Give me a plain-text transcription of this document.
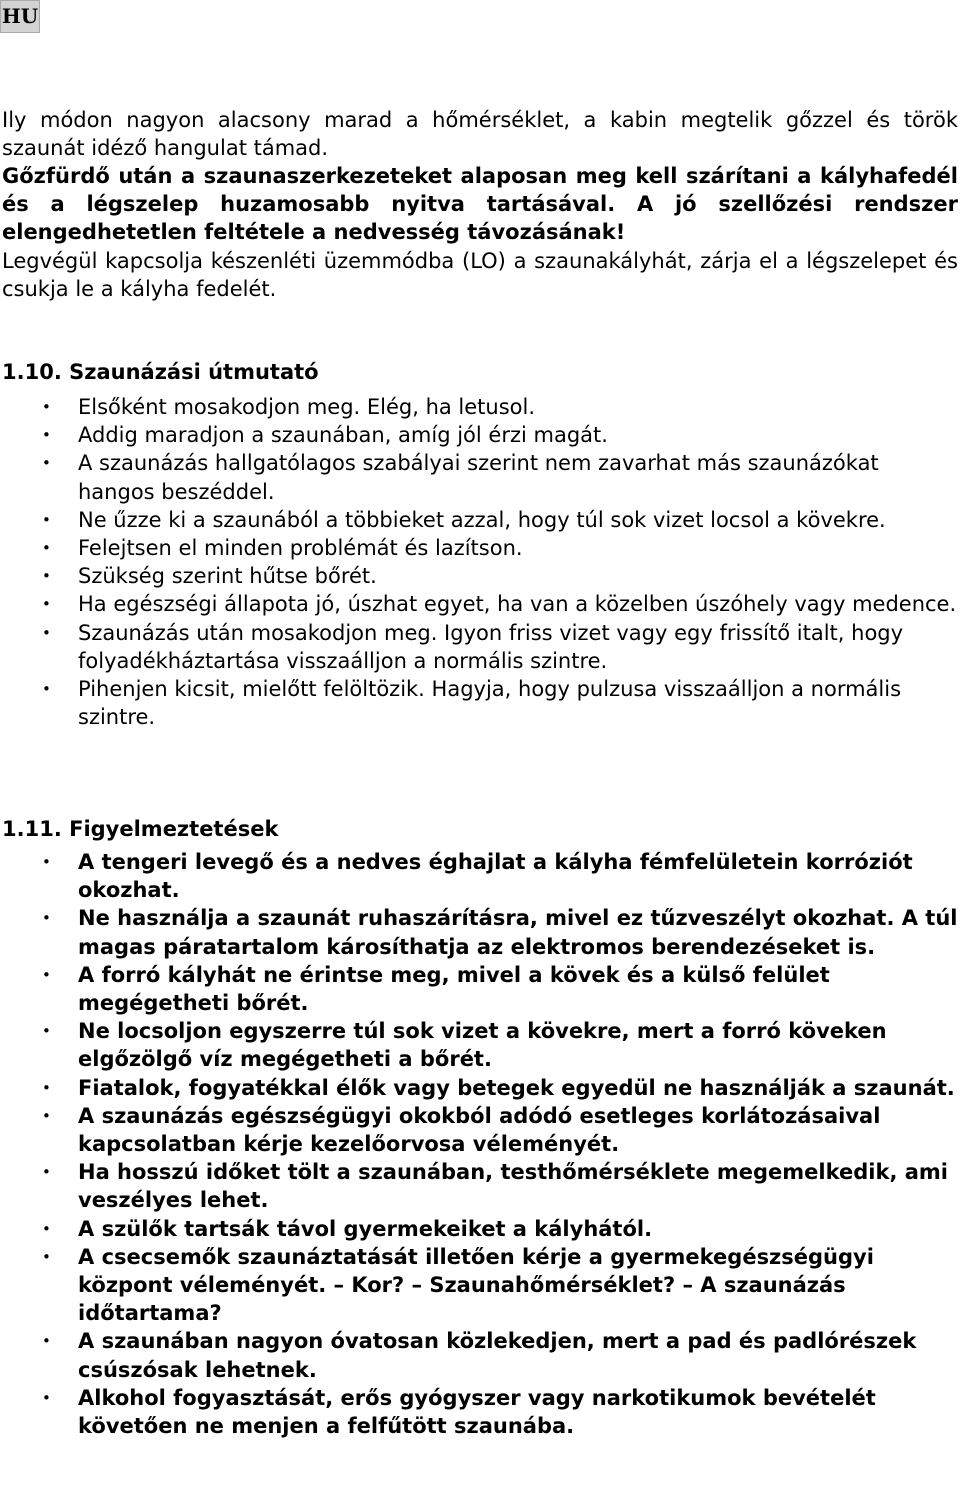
HU

Ily módon nagyon alacsony marad a hőmérséklet, a kabin megtelik gőzzel és török szaunát idéző hangulat támad.

Gőzfürdő után a szaunaszerkezeteket alaposan meg kell szárítani a kályhafedél és a légszelep huzamosabb nyitva tartásával. A jó szellőzési rendszer elengedhetetlen feltétele a nedvesség távozásának!

Legvégül kapcsolja készenléti üzemmódba (LO) a szaunakályhát, zárja el a légszelepet és csukja le a kályha fedelét.

1.10. Szaunázási útmutató
• Elsőként mosakodjon meg. Elég, ha letusol.
• Addig maradjon a szaunában, amíg jól érzi magát.
• A szaunázás hallgatólagos szabályai szerint nem zavarhat más szaunázókat hangos beszéddel.
• Ne űzze ki a szaunából a többieket azzal, hogy túl sok vizet locsol a kövekre.
• Felejtsen el minden problémát és lazítson.
• Szükség szerint hűtse bőrét.
• Ha egészségi állapota jó, úszhat egyet, ha van a közelben úszóhely vagy medence.
• Szaunázás után mosakodjon meg. Igyon friss vizet vagy egy frissítő italt, hogy folyadékháztartása visszaálljon a normális szintre.
• Pihenjen kicsit, mielőtt felöltözik. Hagyja, hogy pulzusa visszaálljon a normális szintre.
1.11. Figyelmeztetések
• A tengeri levegő és a nedves éghajlat a kályha fémfelületein korróziót okozhat.
• Ne használja a szaunát ruhaszárításra, mivel ez tűzveszélyt okozhat. A túl magas páratartalom károsíthatja az elektromos berendezéseket is.
• A forró kályhát ne érintse meg, mivel a kövek és a külső felület megégetheti bőrét.
• Ne locsoljon egyszerre túl sok vizet a kövekre, mert a forró köveken elgőzölgő víz megégetheti a bőrét.
• Fiatalok, fogyatékkal élők vagy betegek egyedül ne használják a szaunát.
• A szaunázás egészségügyi okokból adódó esetleges korlátozásaival kapcsolatban kérje kezelőorvosa véleményét.
• Ha hosszú időket tölt a szaunában, testhőmérséklete megemelkedik, ami veszélyes lehet.
• A szülők tartsák távol gyermekeiket a kályhától.
• A csecsemők szaunáztatását illetően kérje a gyermekegészségügyi központ véleményét. – Kor? – Szaunahőmérséklet? – A szaunázás időtartama?
• A szaunában nagyon óvatosan közlekedjen, mert a pad és padlórészek csúszósak lehetnek.
• Alkohol fogyasztását, erős gyógyszer vagy narkotikumok bevételét követően ne menjen a felfűtött szaunába.
